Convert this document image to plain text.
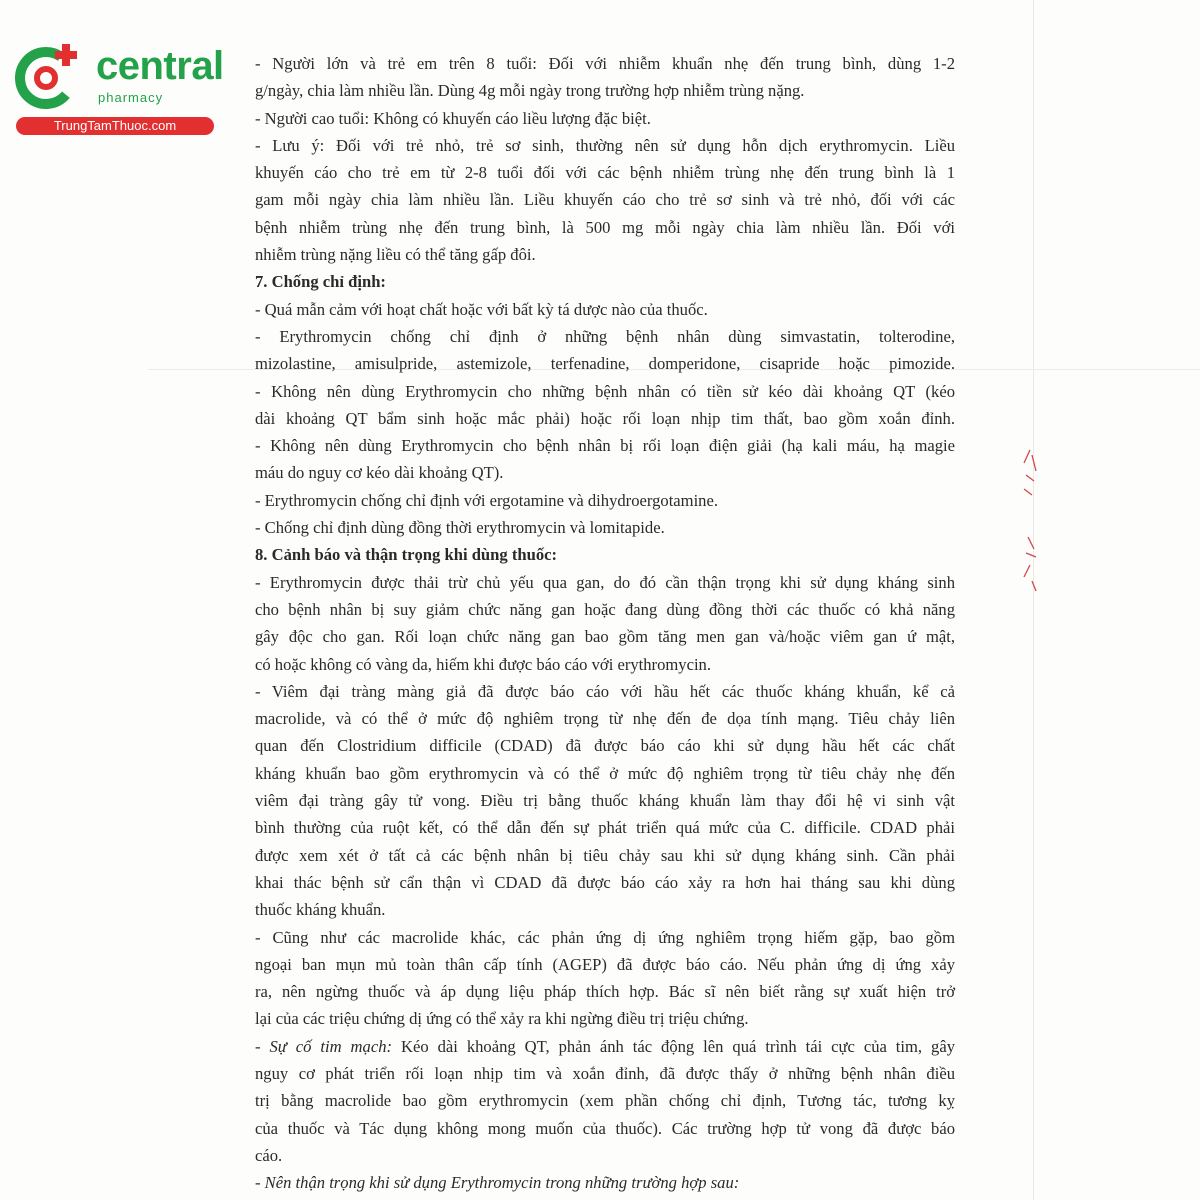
central
pharmacy
TrungTamThuoc.com
- Người lớn và trẻ em trên 8 tuổi: Đối với nhiễm khuẩn nhẹ đến trung bình, dùng 1-2
g/ngày, chia làm nhiều lần. Dùng 4g mỗi ngày trong trường hợp nhiễm trùng nặng.
- Người cao tuổi: Không có khuyến cáo liều lượng đặc biệt.
- Lưu ý: Đối với trẻ nhỏ, trẻ sơ sinh, thường nên sử dụng hỗn dịch erythromycin. Liều
khuyến cáo cho trẻ em từ 2-8 tuổi đối với các bệnh nhiễm trùng nhẹ đến trung bình là 1
gam mỗi ngày chia làm nhiều lần. Liều khuyến cáo cho trẻ sơ sinh và trẻ nhỏ, đối với các
bệnh nhiễm trùng nhẹ đến trung bình, là 500 mg mỗi ngày chia làm nhiều lần. Đối với
nhiễm trùng nặng liều có thể tăng gấp đôi.
7. Chống chỉ định:
- Quá mẫn cảm với hoạt chất hoặc với bất kỳ tá dược nào của thuốc.
- Erythromycin chống chỉ định ở những bệnh nhân dùng simvastatin, tolterodine,
mizolastine, amisulpride, astemizole, terfenadine, domperidone, cisapride hoặc pimozide.
- Không nên dùng Erythromycin cho những bệnh nhân có tiền sử kéo dài khoảng QT (kéo
dài khoảng QT bẩm sinh hoặc mắc phải) hoặc rối loạn nhịp tim thất, bao gồm xoắn đỉnh.
- Không nên dùng Erythromycin cho bệnh nhân bị rối loạn điện giải (hạ kali máu, hạ magie
máu do nguy cơ kéo dài khoảng QT).
- Erythromycin chống chỉ định với ergotamine và dihydroergotamine.
- Chống chỉ định dùng đồng thời erythromycin và lomitapide.
8. Cảnh báo và thận trọng khi dùng thuốc:
- Erythromycin được thải trừ chủ yếu qua gan, do đó cần thận trọng khi sử dụng kháng sinh
cho bệnh nhân bị suy giảm chức năng gan hoặc đang dùng đồng thời các thuốc có khả năng
gây độc cho gan. Rối loạn chức năng gan bao gồm tăng men gan và/hoặc viêm gan ứ mật,
có hoặc không có vàng da, hiếm khi được báo cáo với erythromycin.
- Viêm đại tràng màng giả đã được báo cáo với hầu hết các thuốc kháng khuẩn, kể cả
macrolide, và có thể ở mức độ nghiêm trọng từ nhẹ đến đe dọa tính mạng. Tiêu chảy liên
quan đến Clostridium difficile (CDAD) đã được báo cáo khi sử dụng hầu hết các chất
kháng khuẩn bao gồm erythromycin và có thể ở mức độ nghiêm trọng từ tiêu chảy nhẹ đến
viêm đại tràng gây tử vong. Điều trị bằng thuốc kháng khuẩn làm thay đổi hệ vi sinh vật
bình thường của ruột kết, có thể dẫn đến sự phát triển quá mức của C. difficile. CDAD phải
được xem xét ở tất cả các bệnh nhân bị tiêu chảy sau khi sử dụng kháng sinh. Cần phải
khai thác bệnh sử cẩn thận vì CDAD đã được báo cáo xảy ra hơn hai tháng sau khi dùng
thuốc kháng khuẩn.
- Cũng như các macrolide khác, các phản ứng dị ứng nghiêm trọng hiếm gặp, bao gồm
ngoại ban mụn mủ toàn thân cấp tính (AGEP) đã được báo cáo. Nếu phản ứng dị ứng xảy
ra, nên ngừng thuốc và áp dụng liệu pháp thích hợp. Bác sĩ nên biết rằng sự xuất hiện trở
lại của các triệu chứng dị ứng có thể xảy ra khi ngừng điều trị triệu chứng.
- Sự cố tim mạch: Kéo dài khoảng QT, phản ánh tác động lên quá trình tái cực của tim, gây
nguy cơ phát triển rối loạn nhịp tim và xoắn đỉnh, đã được thấy ở những bệnh nhân điều
trị bằng macrolide bao gồm erythromycin (xem phần chống chỉ định, Tương tác, tương kỵ
của thuốc và Tác dụng không mong muốn của thuốc). Các trường hợp tử vong đã được báo
cáo.
- Nên thận trọng khi sử dụng Erythromycin trong những trường hợp sau:
